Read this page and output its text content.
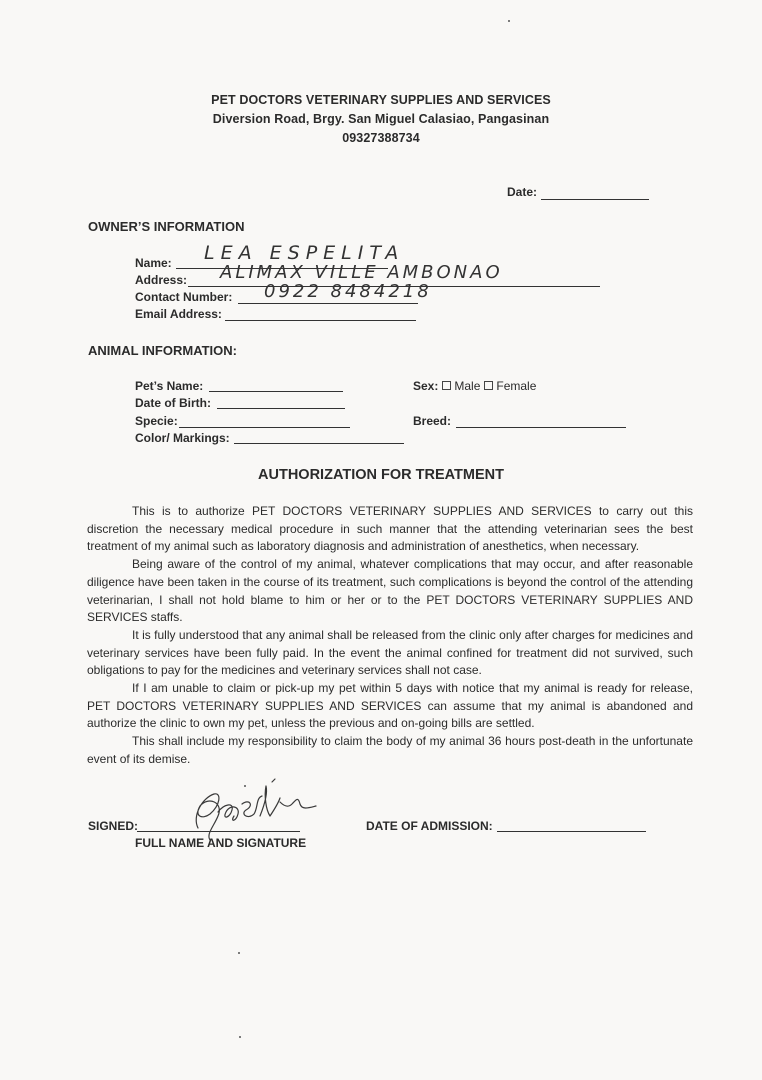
PET DOCTORS VETERINARY SUPPLIES AND SERVICES
Diversion Road, Brgy. San Miguel Calasiao, Pangasinan
09327388734
Date:
OWNER’S INFORMATION
Name: LEA ESPELITA
Address: ALIMAX VILLE AMBONAO
Contact Number: 0922 8484218
Email Address:
ANIMAL INFORMATION:
Pet’s Name:
Date of Birth:
Specie:
Color/ Markings:
Sex: Male Female
Breed:
AUTHORIZATION FOR TREATMENT

This is to authorize PET DOCTORS VETERINARY SUPPLIES AND SERVICES to carry out this discretion the necessary medical procedure in such manner that the attending veterinarian sees the best treatment of my animal such as laboratory diagnosis and administration of anesthetics, when necessary.

Being aware of the control of my animal, whatever complications that may occur, and after reasonable diligence have been taken in the course of its treatment, such complications is beyond the control of the attending veterinarian, I shall not hold blame to him or her or to the PET DOCTORS VETERINARY SUPPLIES AND SERVICES staffs.

It is fully understood that any animal shall be released from the clinic only after charges for medicines and veterinary services have been fully paid. In the event the animal confined for treatment did not survived, such obligations to pay for the medicines and veterinary services shall not case.

If I am unable to claim or pick-up my pet within 5 days with notice that my animal is ready for release, PET DOCTORS VETERINARY SUPPLIES AND SERVICES can assume that my animal is abandoned and authorize the clinic to own my pet, unless the previous and on-going bills are settled.

This shall include my responsibility to claim the body of my animal 36 hours post-death in the unfortunate event of its demise.

SIGNED:
FULL NAME AND SIGNATURE
DATE OF ADMISSION:
